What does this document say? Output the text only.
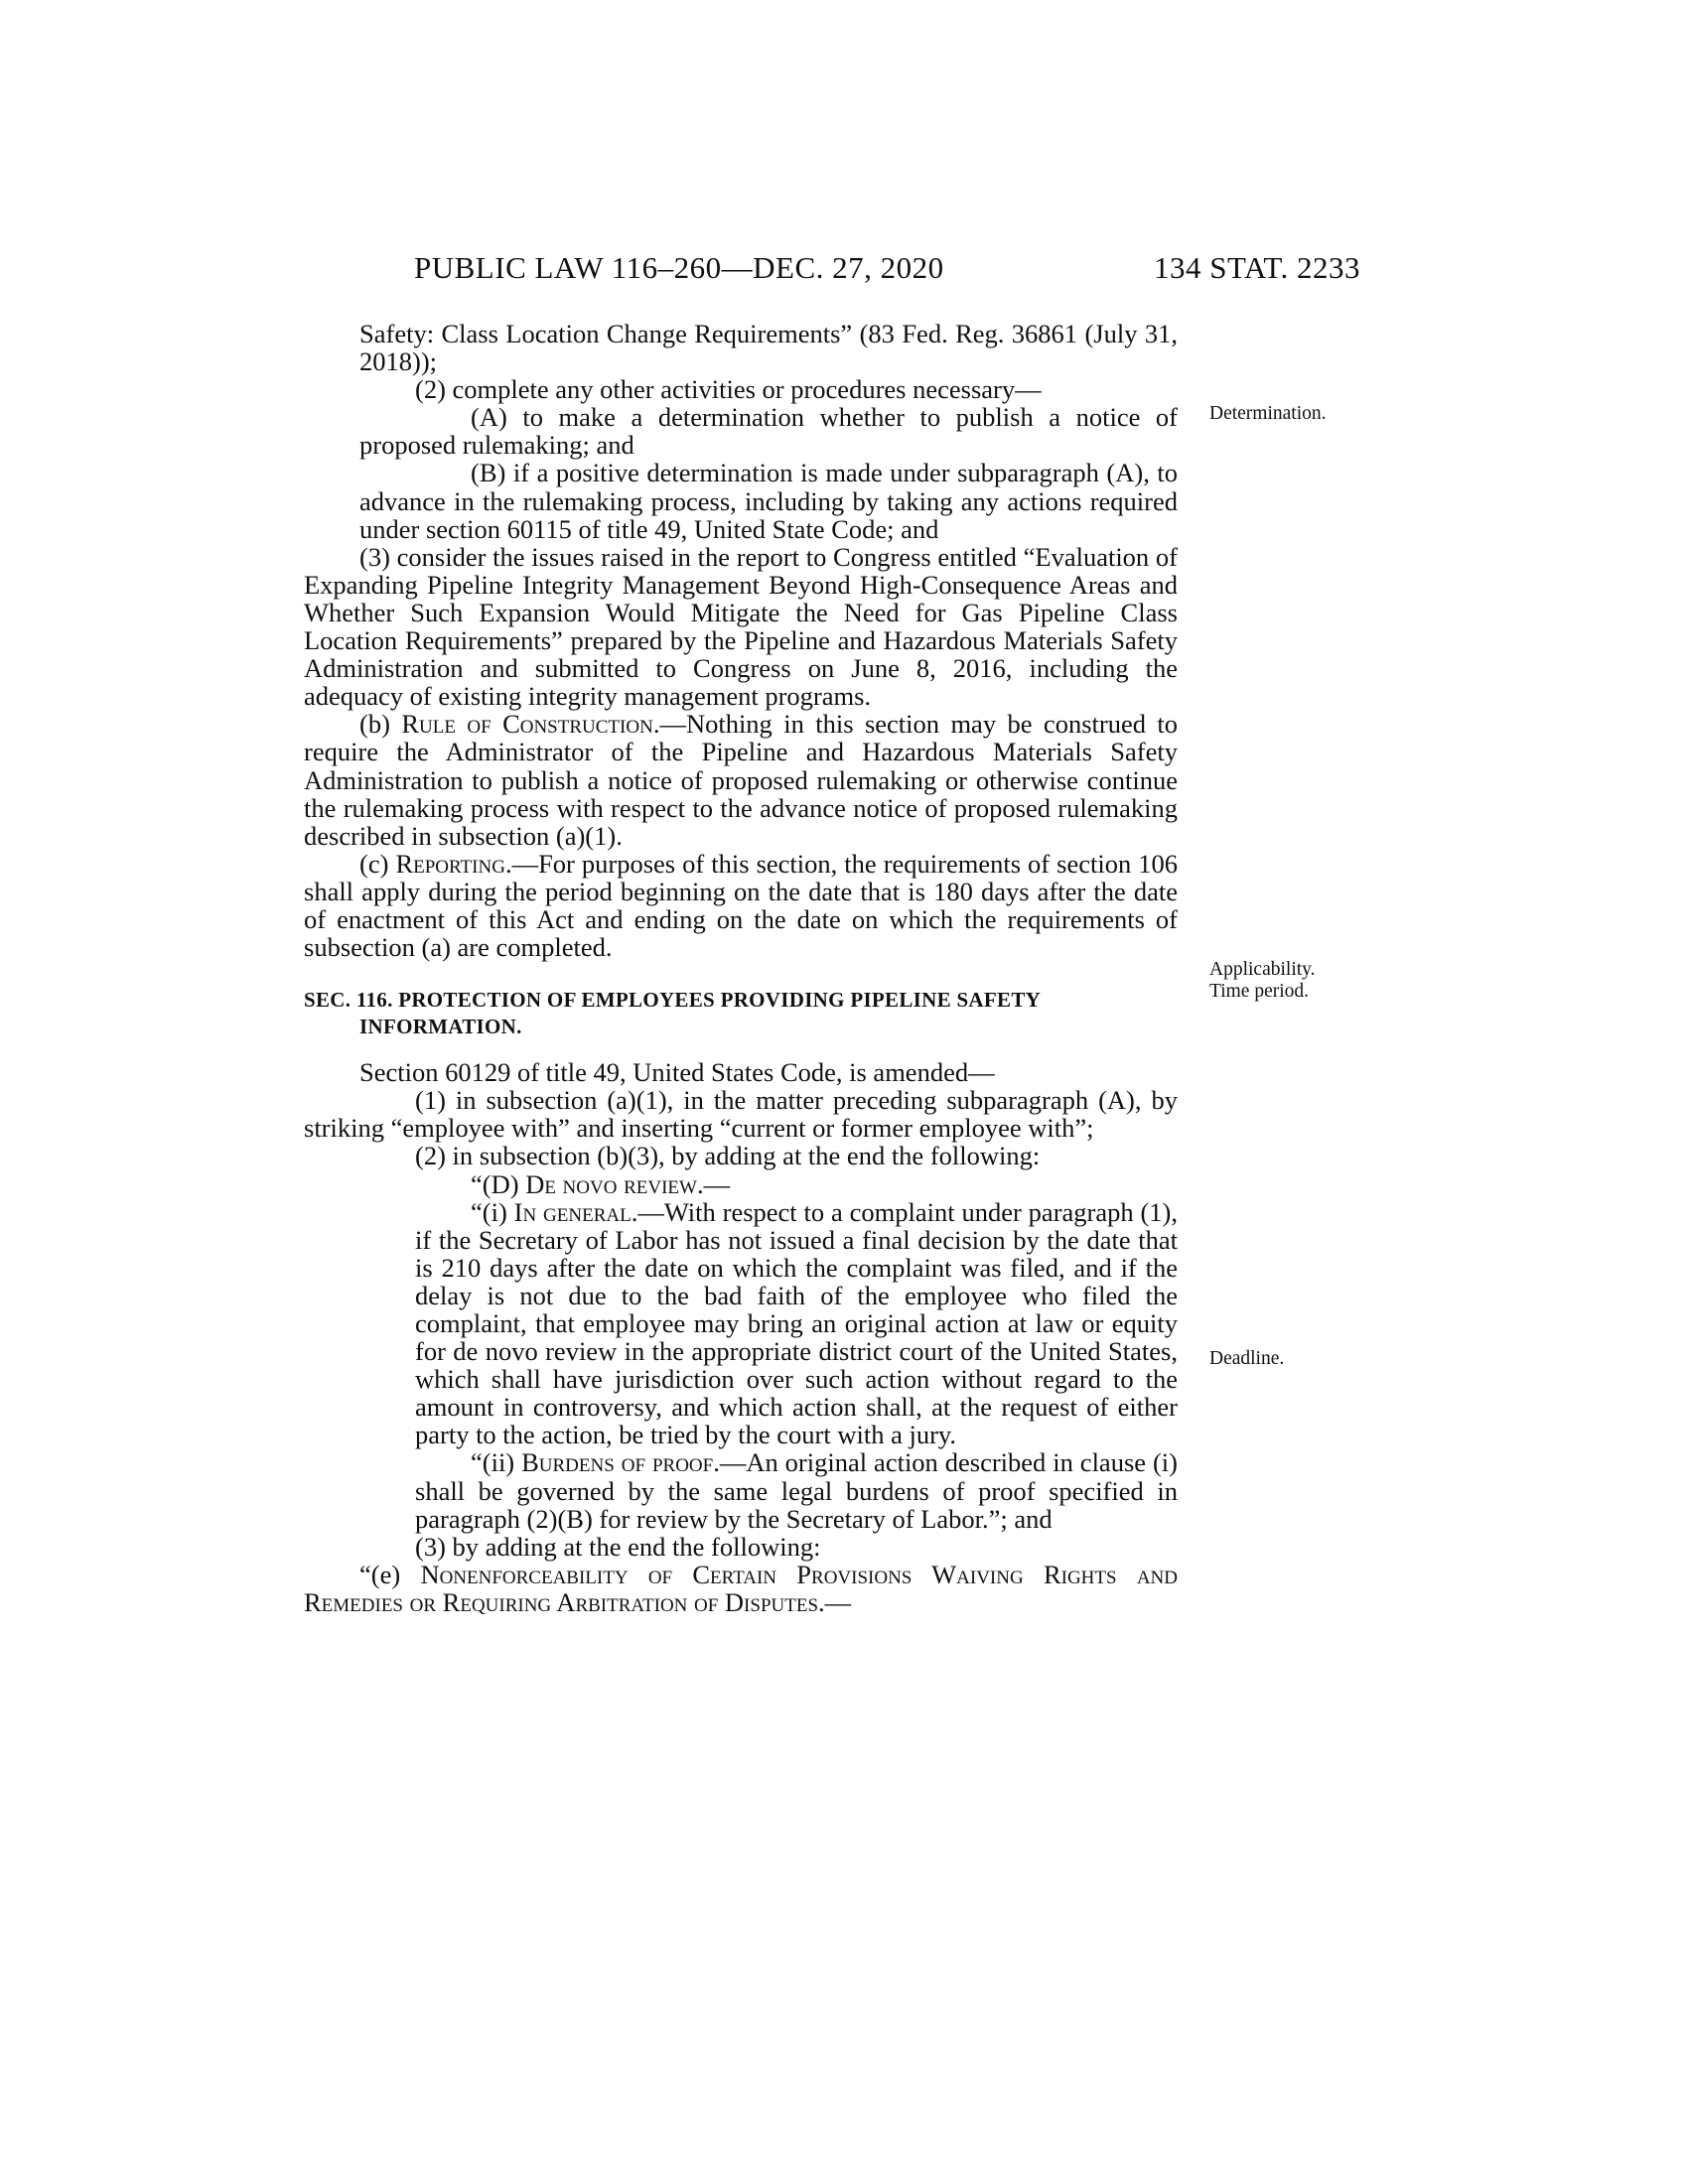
PUBLIC LAW 116–260—DEC. 27, 2020	134 STAT. 2233
Determination.
Applicability.
Time period.
Deadline.

Safety: Class Location Change Requirements” (83 Fed. Reg. 36861 (July 31, 2018));

(2) complete any other activities or procedures necessary—

(A) to make a determination whether to publish a notice of proposed rulemaking; and

(B) if a positive determination is made under subparagraph (A), to advance in the rulemaking process, including by taking any actions required under section 60115 of title 49, United State Code; and

(3) consider the issues raised in the report to Congress entitled “Evaluation of Expanding Pipeline Integrity Management Beyond High-Consequence Areas and Whether Such Expansion Would Mitigate the Need for Gas Pipeline Class Location Requirements” prepared by the Pipeline and Hazardous Materials Safety Administration and submitted to Congress on June 8, 2016, including the adequacy of existing integrity management programs.

(b) Rule of Construction.—Nothing in this section may be construed to require the Administrator of the Pipeline and Hazardous Materials Safety Administration to publish a notice of proposed rulemaking or otherwise continue the rulemaking process with respect to the advance notice of proposed rulemaking described in subsection (a)(1).

(c) Reporting.—For purposes of this section, the requirements of section 106 shall apply during the period beginning on the date that is 180 days after the date of enactment of this Act and ending on the date on which the requirements of subsection (a) are completed.

SEC. 116. PROTECTION OF EMPLOYEES PROVIDING PIPELINE SAFETY INFORMATION.

Section 60129 of title 49, United States Code, is amended—

(1) in subsection (a)(1), in the matter preceding subparagraph (A), by striking “employee with” and inserting “current or former employee with”;

(2) in subsection (b)(3), by adding at the end the following:

“(D) De novo review.—

“(i) In general.—With respect to a complaint under paragraph (1), if the Secretary of Labor has not issued a final decision by the date that is 210 days after the date on which the complaint was filed, and if the delay is not due to the bad faith of the employee who filed the complaint, that employee may bring an original action at law or equity for de novo review in the appropriate district court of the United States, which shall have jurisdiction over such action without regard to the amount in controversy, and which action shall, at the request of either party to the action, be tried by the court with a jury.

“(ii) Burdens of proof.—An original action described in clause (i) shall be governed by the same legal burdens of proof specified in paragraph (2)(B) for review by the Secretary of Labor.”; and

(3) by adding at the end the following:

“(e) Nonenforceability of Certain Provisions Waiving Rights and Remedies or Requiring Arbitration of Disputes.—
